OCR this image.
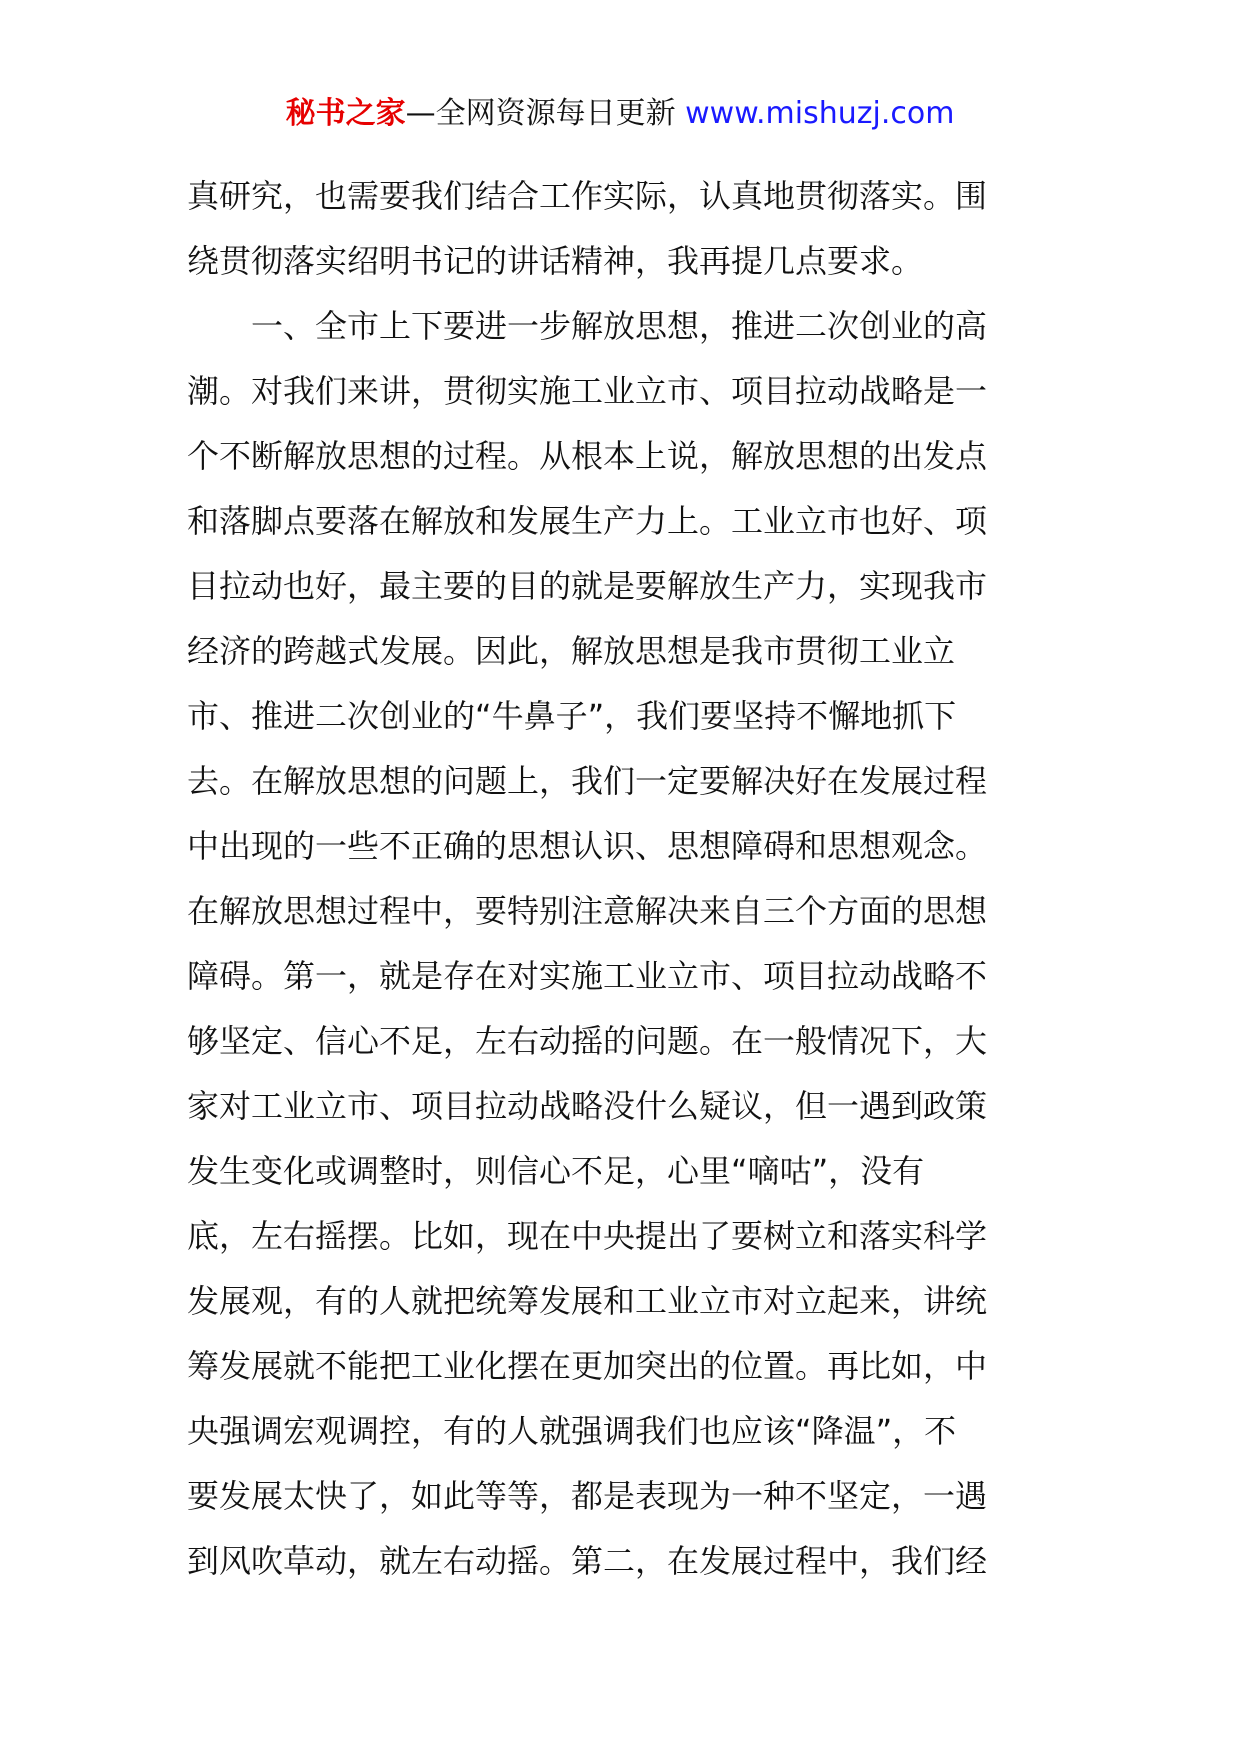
秘书之家—全网资源每日更新 www.mishuzj.com
真研究，也需要我们结合工作实际，认真地贯彻落实。围
绕贯彻落实绍明书记的讲话精神，我再提几点要求。
一、全市上下要进一步解放思想，推进二次创业的高
潮。对我们来讲，贯彻实施工业立市、项目拉动战略是一
个不断解放思想的过程。从根本上说，解放思想的出发点
和落脚点要落在解放和发展生产力上。工业立市也好、项
目拉动也好，最主要的目的就是要解放生产力，实现我市
经济的跨越式发展。因此，解放思想是我市贯彻工业立
市、推进二次创业的“牛鼻子”，我们要坚持不懈地抓下
去。在解放思想的问题上，我们一定要解决好在发展过程
中出现的一些不正确的思想认识、思想障碍和思想观念。
在解放思想过程中，要特别注意解决来自三个方面的思想
障碍。第一，就是存在对实施工业立市、项目拉动战略不
够坚定、信心不足，左右动摇的问题。在一般情况下，大
家对工业立市、项目拉动战略没什么疑议，但一遇到政策
发生变化或调整时，则信心不足，心里“嘀咕”，没有
底，左右摇摆。比如，现在中央提出了要树立和落实科学
发展观，有的人就把统筹发展和工业立市对立起来，讲统
筹发展就不能把工业化摆在更加突出的位置。再比如，中
央强调宏观调控，有的人就强调我们也应该“降温”，不
要发展太快了，如此等等，都是表现为一种不坚定，一遇
到风吹草动，就左右动摇。第二，在发展过程中，我们经
